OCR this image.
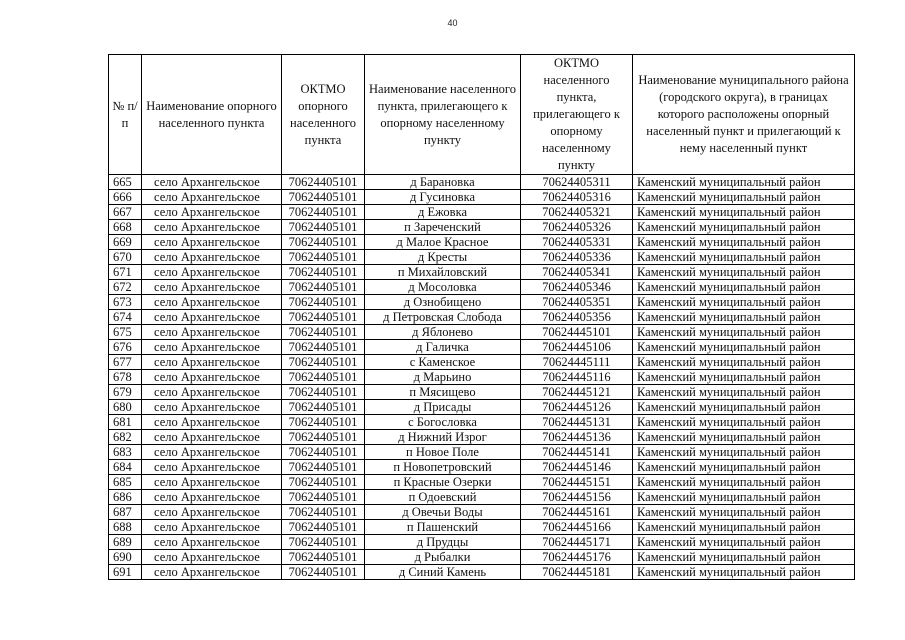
40
№ п/п	Наименование опорного населенного пункта	ОКТМО опорного населенного пункта	Наименование населенного пункта, прилегающего к опорному населенному пункту	ОКТМО населенного пункта, прилегающего к опорному населенному пункту	Наименование муниципального района (городского округа), в границах которого расположены опорный населенный пункт и прилегающий к нему населенный пункт
665	село Архангельское	70624405101	д Барановка	70624405311	Каменский муниципальный район
666	село Архангельское	70624405101	д Гусиновка	70624405316	Каменский муниципальный район
667	село Архангельское	70624405101	д Ежовка	70624405321	Каменский муниципальный район
668	село Архангельское	70624405101	п Зареченский	70624405326	Каменский муниципальный район
669	село Архангельское	70624405101	д Малое Красное	70624405331	Каменский муниципальный район
670	село Архангельское	70624405101	д Кресты	70624405336	Каменский муниципальный район
671	село Архангельское	70624405101	п Михайловский	70624405341	Каменский муниципальный район
672	село Архангельское	70624405101	д Мосоловка	70624405346	Каменский муниципальный район
673	село Архангельское	70624405101	д Ознобищено	70624405351	Каменский муниципальный район
674	село Архангельское	70624405101	д Петровская Слобода	70624405356	Каменский муниципальный район
675	село Архангельское	70624405101	д Яблонево	70624445101	Каменский муниципальный район
676	село Архангельское	70624405101	д Галичка	70624445106	Каменский муниципальный район
677	село Архангельское	70624405101	с Каменское	70624445111	Каменский муниципальный район
678	село Архангельское	70624405101	д Марьино	70624445116	Каменский муниципальный район
679	село Архангельское	70624405101	п Мясищево	70624445121	Каменский муниципальный район
680	село Архангельское	70624405101	д Присады	70624445126	Каменский муниципальный район
681	село Архангельское	70624405101	с Богословка	70624445131	Каменский муниципальный район
682	село Архангельское	70624405101	д Нижний Изрог	70624445136	Каменский муниципальный район
683	село Архангельское	70624405101	п Новое Поле	70624445141	Каменский муниципальный район
684	село Архангельское	70624405101	п Новопетровский	70624445146	Каменский муниципальный район
685	село Архангельское	70624405101	п Красные Озерки	70624445151	Каменский муниципальный район
686	село Архангельское	70624405101	п Одоевский	70624445156	Каменский муниципальный район
687	село Архангельское	70624405101	д Овечьи Воды	70624445161	Каменский муниципальный район
688	село Архангельское	70624405101	п Пашенский	70624445166	Каменский муниципальный район
689	село Архангельское	70624405101	д Прудцы	70624445171	Каменский муниципальный район
690	село Архангельское	70624405101	д Рыбалки	70624445176	Каменский муниципальный район
691	село Архангельское	70624405101	д Синий Камень	70624445181	Каменский муниципальный район
